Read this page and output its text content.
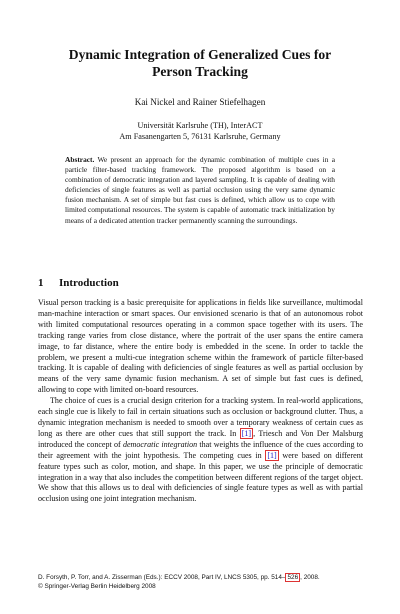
Dynamic Integration of Generalized Cues for
Person Tracking
Kai Nickel and Rainer Stiefelhagen
Universität Karlsruhe (TH), InterACT
Am Fasanengarten 5, 76131 Karlsruhe, Germany
Abstract. We present an approach for the dynamic combination of multiple cues in a particle filter-based tracking framework. The proposed algorithm is based on a combination of democratic integration and layered sampling. It is capable of dealing with deficiencies of single features as well as partial occlusion using the very same dynamic fusion mechanism. A set of simple but fast cues is defined, which allow us to cope with limited computational resources. The system is capable of automatic track initialization by means of a dedicated attention tracker permanently scanning the surroundings.
1 Introduction

Visual person tracking is a basic prerequisite for applications in fields like surveillance, multimodal man-machine interaction or smart spaces. Our envisioned scenario is that of an autonomous robot with limited computational resources operating in a common space together with its users. The tracking range varies from close distance, where the portrait of the user spans the entire camera image, to far distance, where the entire body is embedded in the scene. In order to tackle the problem, we present a multi-cue integration scheme within the framework of particle filter-based tracking. It is capable of dealing with deficiencies of single features as well as partial occlusion by means of the very same dynamic fusion mechanism. A set of simple but fast cues is defined, allowing to cope with limited on-board resources.

The choice of cues is a crucial design criterion for a tracking system. In real-world applications, each single cue is likely to fail in certain situations such as occlusion or background clutter. Thus, a dynamic integration mechanism is needed to smooth over a temporary weakness of certain cues as long as there are other cues that still support the track. In [1] , Triesch and Von Der Malsburg introduced the concept of democratic integration that weights the influence of the cues according to their agreement with the joint hypothesis. The competing cues in [1] were based on different feature types such as color, motion, and shape. In this paper, we use the principle of democratic integration in a way that also includes the competition between different regions of the target object. We show that this allows us to deal with deficiencies of single feature types as well as with partial occlusion using one joint integration mechanism.

D. Forsyth, P. Torr, and A. Zisserman (Eds.): ECCV 2008, Part IV, LNCS 5305, pp. 514– 526 , 2008.
© Springer-Verlag Berlin Heidelberg 2008
